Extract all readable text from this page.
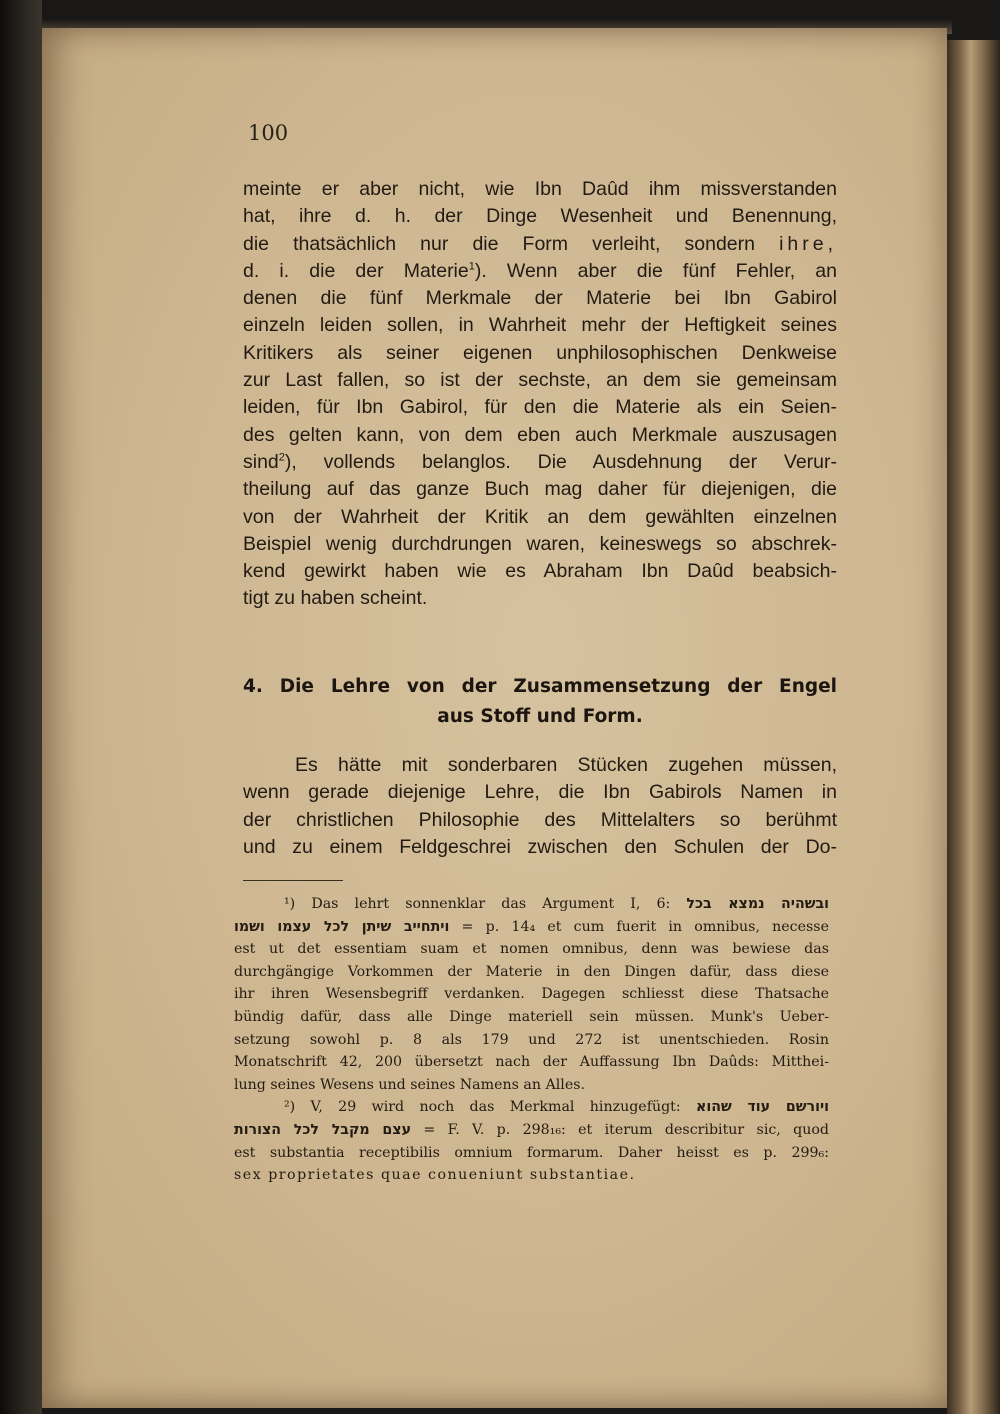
100
meinte er aber nicht, wie Ibn Daûd ihm missverstanden
hat, ihre d. h. der Dinge Wesenheit und Benennung,
die thatsächlich nur die Form verleiht, sondern ihre,
d. i. die der Materie$^1$). Wenn aber die fünf Fehler, an
denen die fünf Merkmale der Materie bei Ibn Gabirol
einzeln leiden sollen, in Wahrheit mehr der Heftigkeit seines
Kritikers als seiner eigenen unphilosophischen Denkweise
zur Last fallen, so ist der sechste, an dem sie gemeinsam
leiden, für Ibn Gabirol, für den die Materie als ein Seien-
des gelten kann, von dem eben auch Merkmale auszusagen
sind$^2$), vollends belanglos. Die Ausdehnung der Verur-
theilung auf das ganze Buch mag daher für diejenigen, die
von der Wahrheit der Kritik an dem gewählten einzelnen
Beispiel wenig durchdrungen waren, keineswegs so abschrek-
kend gewirkt haben wie es Abraham Ibn Daûd beabsich-
tigt zu haben scheint.
4. Die Lehre von der Zusammensetzung der Engel
aus Stoff und Form.
Es hätte mit sonderbaren Stücken zugehen müssen,
wenn gerade diejenige Lehre, die Ibn Gabirols Namen in
der christlichen Philosophie des Mittelalters so berühmt
und zu einem Feldgeschrei zwischen den Schulen der Do-
¹) Das lehrt sonnenklar das Argument I, 6: ובשהיה נמצא בכל
ויתחייב שיתן לכל עצמו ושמו = p. 14₄ et cum fuerit in omnibus, necesse
est ut det essentiam suam et nomen omnibus, denn was bewiese das
durchgängige Vorkommen der Materie in den Dingen dafür, dass diese
ihr ihren Wesensbegriff verdanken. Dagegen schliesst diese Thatsache
bündig dafür, dass alle Dinge materiell sein müssen. Munk's Ueber-
setzung sowohl p. 8 als 179 und 272 ist unentschieden. Rosin
Monatschrift 42, 200 übersetzt nach der Auffassung Ibn Daûds: Mitthei-
lung seines Wesens und seines Namens an Alles.
²) V, 29 wird noch das Merkmal hinzugefügt: ויורשם עוד שהוא
עצם מקבל לכל הצורות = F. V. p. 298₁₆: et iterum describitur sic, quod
est substantia receptibilis omnium formarum. Daher heisst es p. 299₆:
sex proprietates quae conueniunt substantiae.
